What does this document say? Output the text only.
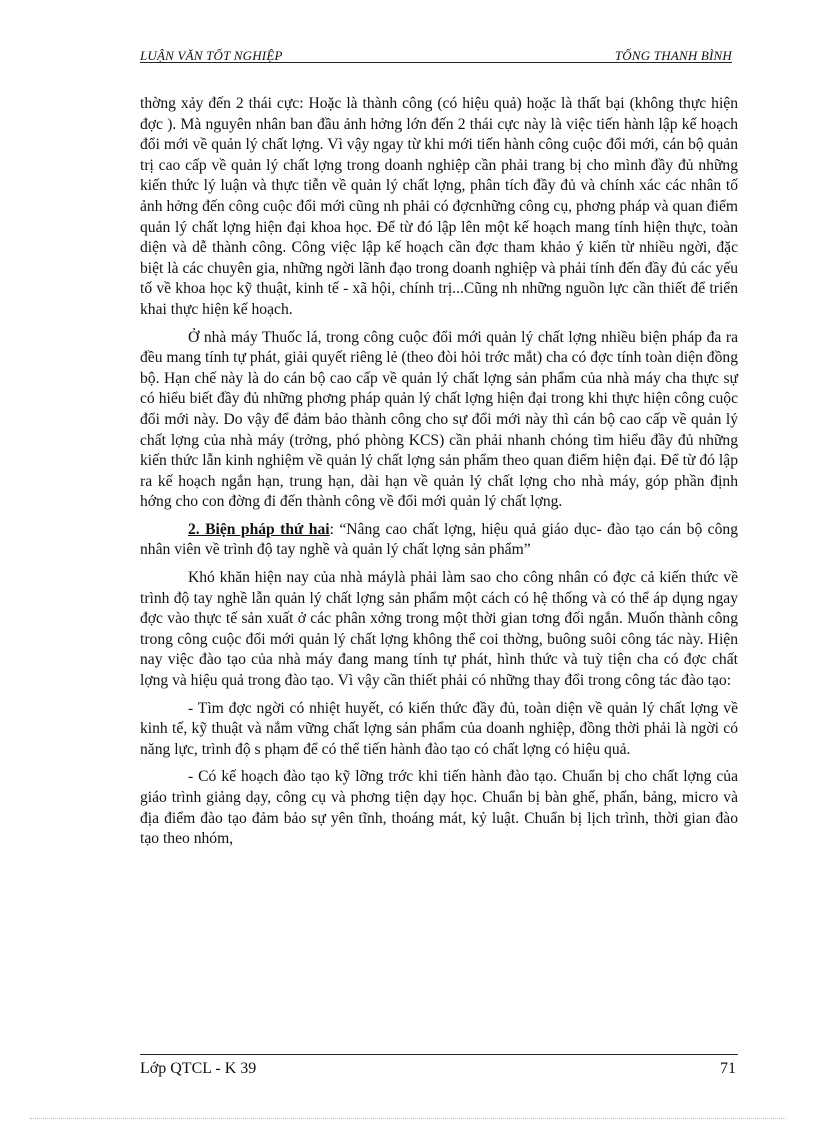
LUẬN VĂN TỐT NGHIỆP	TỐNG THANH BÌNH

thờng xảy đến 2 thái cực: Hoặc là thành công (có hiệu quả) hoặc là thất bại (không thực hiện đợc ). Mà nguyên nhân ban đầu ảnh hởng lớn đến 2 thái cực này là việc tiến hành lập kế hoạch đổi mới về quản lý chất lợng. Vì vậy ngay từ khi mới tiến hành công cuộc đổi mới, cán bộ quản trị cao cấp về quản lý chất lợng trong doanh nghiệp cần phải trang bị cho mình đầy đủ những kiến thức lý luận và thực tiễn về quản lý chất lợng, phân tích đầy đủ và chính xác các nhân tố ảnh hởng đến công cuộc đổi mới cũng nh phải có đợcnhững công cụ, phơng pháp và quan điểm quản lý chất lợng hiện đại khoa học. Để từ đó lập lên một kế hoạch mang tính hiện thực, toàn diện và dễ thành công. Công việc lập kế hoạch cần đợc tham khảo ý kiến từ nhiều ngời, đặc biệt là các chuyên gia, những ngời lãnh đạo trong doanh nghiệp và phải tính đến đầy đủ các yếu tố về khoa học kỹ thuật, kinh tế - xã hội, chính trị...Cũng nh những nguồn lực cần thiết để triển khai thực hiện kế hoạch.

Ở nhà máy Thuốc lá, trong công cuộc đổi mới quản lý chất lợng nhiều biện pháp đa ra đều mang tính tự phát, giải quyết riêng lẻ (theo đòi hỏi trớc mắt) cha có đợc tính toàn diện đồng bộ. Hạn chế này là do cán bộ cao cấp về quản lý chất lợng sản phẩm của nhà máy cha thực sự có hiểu biết đầy đủ những phơng pháp quản lý chất lợng hiện đại trong khi thực hiện công cuộc đổi mới này. Do vậy để đảm bảo thành công cho sự đổi mới này thì cán bộ cao cấp về quản lý chất lợng của nhà máy (trởng, phó phòng KCS) cần phải nhanh chóng tìm hiểu đầy đủ những kiến thức lẫn kinh nghiệm về quản lý chất lợng sản phẩm theo quan điểm hiện đại. Để từ đó lập ra kế hoạch ngắn hạn, trung hạn, dài hạn về quản lý chất lợng cho nhà máy, góp phần định hớng cho con đờng đi đến thành công về đổi mới quản lý chất lợng.

2. Biện pháp thứ hai: “Nâng cao chất lợng, hiệu quả giáo dục- đào tạo cán bộ công nhân viên về trình độ tay nghề và quản lý chất lợng sản phẩm”

Khó khăn hiện nay của nhà máylà phải làm sao cho công nhân có đợc cả kiến thức về trình độ tay nghề lẫn quản lý chất lợng sản phẩm một cách có hệ thống và có thể áp dụng ngay đợc vào thực tế sản xuất ở các phân xởng trong một thời gian tơng đối ngắn. Muốn thành công trong công cuộc đổi mới quản lý chất lợng không thể coi thờng, buông suôi công tác này. Hiện nay việc đào tạo của nhà máy đang mang tính tự phát, hình thức và tuỳ tiện cha có đợc chất lợng và hiệu quả trong đào tạo. Vì vậy cần thiết phải có những thay đổi trong công tác đào tạo:

- Tìm đợc ngời có nhiệt huyết, có kiến thức đầy đủ, toàn diện về quản lý chất lợng về kinh tế, kỹ thuật và nắm vững chất lợng sản phẩm của doanh nghiệp, đồng thời phải là ngời có năng lực, trình độ s phạm để có thể tiến hành đào tạo có chất lợng có hiệu quả.

- Có kế hoạch đào tạo kỹ lỡng trớc khi tiến hành đào tạo. Chuẩn bị cho chất lợng của giáo trình giảng dạy, công cụ và phơng tiện dạy học. Chuẩn bị bàn ghế, phấn, bảng, micro và địa điểm đào tạo đảm bảo sự yên tĩnh, thoáng mát, kỷ luật. Chuẩn bị lịch trình, thời gian đào tạo theo nhóm,

Lớp QTCL - K 39	71
